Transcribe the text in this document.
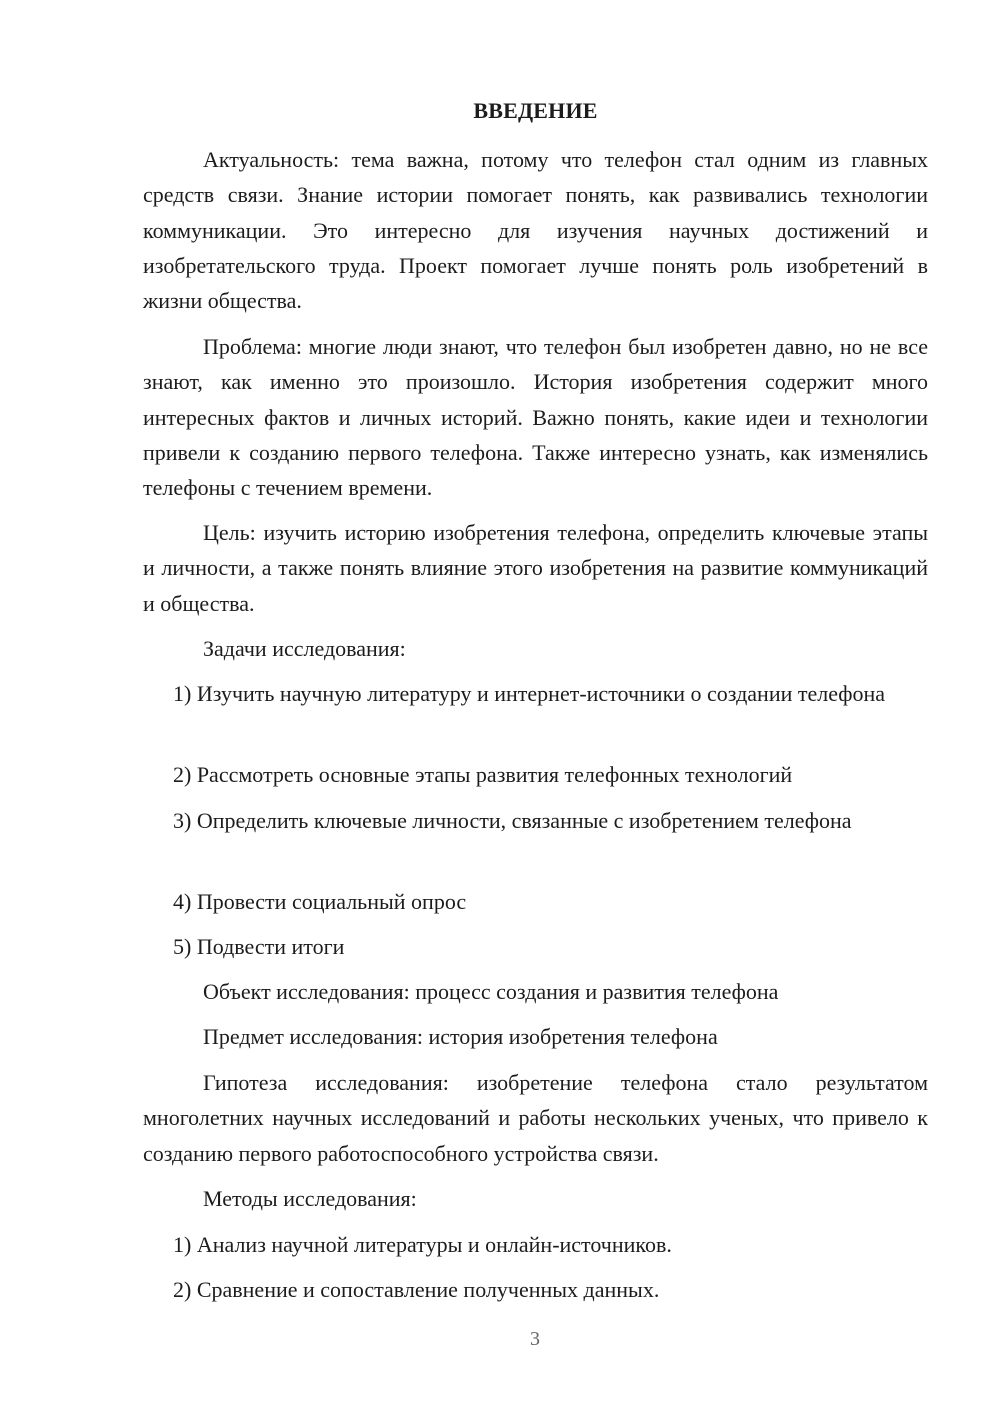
ВВЕДЕНИЕ

Актуальность: тема важна, потому что телефон стал одним из главных средств связи. Знание истории помогает понять, как развивались технологии коммуникации. Это интересно для изучения научных достижений и изобретательского труда. Проект помогает лучше понять роль изобретений в жизни общества.

Проблема: многие люди знают, что телефон был изобретен давно, но не все знают, как именно это произошло. История изобретения содержит много интересных фактов и личных историй. Важно понять, какие идеи и технологии привели к созданию первого телефона. Также интересно узнать, как изменялись телефоны с течением времени.

Цель: изучить историю изобретения телефона, определить ключевые этапы и личности, а также понять влияние этого изобретения на развитие коммуникаций и общества.

Задачи исследования:

1) Изучить научную литературу и интернет-источники о создании телефона

2) Рассмотреть основные этапы развития телефонных технологий

3) Определить ключевые личности, связанные с изобретением телефона

4) Провести социальный опрос
5) Подвести итоги
Объект исследования: процесс создания и развития телефона
Предмет исследования: история изобретения телефона

Гипотеза исследования: изобретение телефона стало результатом многолетних научных исследований и работы нескольких ученых, что привело к созданию первого работоспособного устройства связи.

Методы исследования:
1) Анализ научной литературы и онлайн-источников.
2) Сравнение и сопоставление полученных данных.
3
